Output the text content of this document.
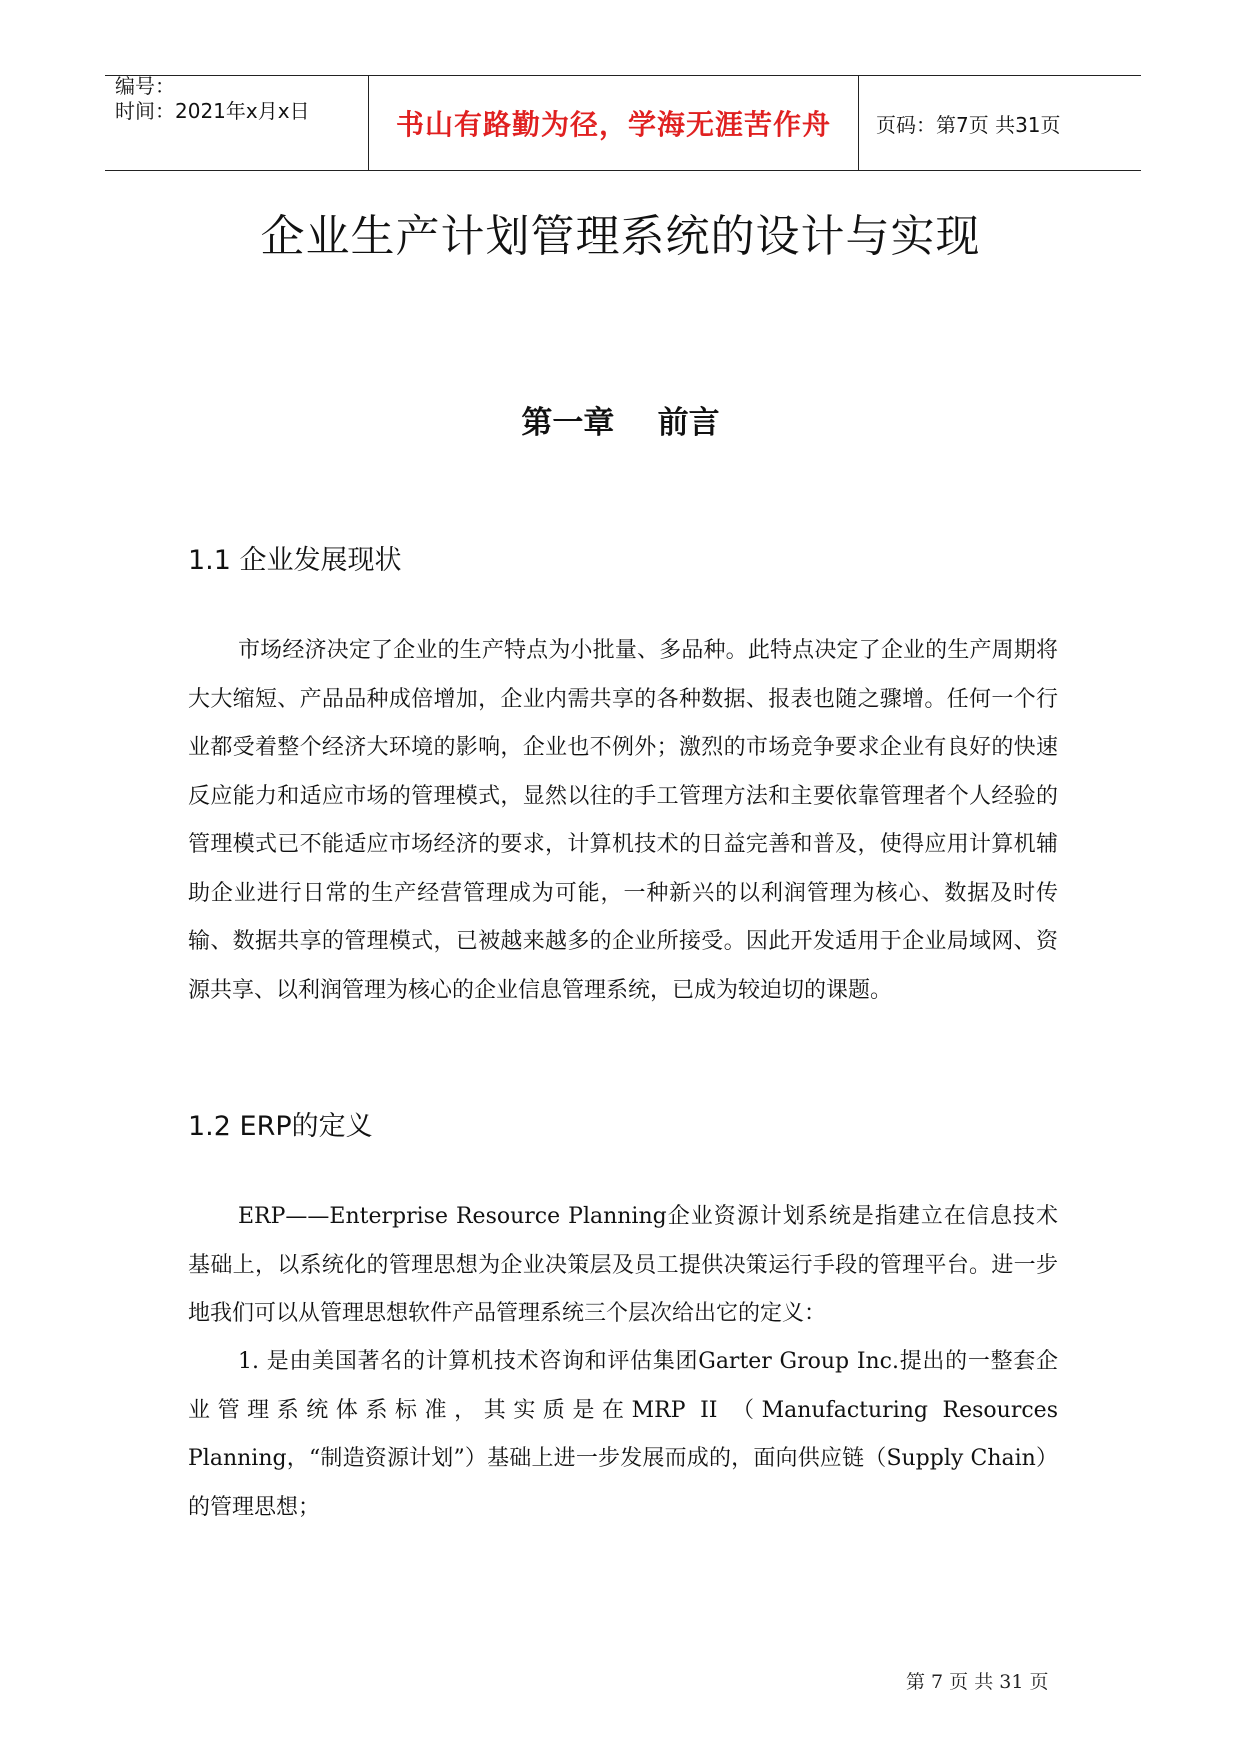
编号：
时间：2021年x月x日	书山有路勤为径，学海无涯苦作舟	页码：第7页 共31页
企业生产计划管理系统的设计与实现
第一章    前言
1.1 企业发展现状

市场经济决定了企业的生产特点为小批量、多品种。此特点决定了企业的生产周期将大大缩短、产品品种成倍增加，企业内需共享的各种数据、报表也随之骤增。任何一个行业都受着整个经济大环境的影响，企业也不例外；激烈的市场竞争要求企业有良好的快速反应能力和适应市场的管理模式，显然以往的手工管理方法和主要依靠管理者个人经验的管理模式已不能适应市场经济的要求，计算机技术的日益完善和普及，使得应用计算机辅助企业进行日常的生产经营管理成为可能，一种新兴的以利润管理为核心、数据及时传输、数据共享的管理模式，已被越来越多的企业所接受。因此开发适用于企业局域网、资源共享、以利润管理为核心的企业信息管理系统，已成为较迫切的课题。

1.2 ERP的定义

ERP——Enterprise Resource Planning企业资源计划系统是指建立在信息技术基础上，以系统化的管理思想为企业决策层及员工提供决策运行手段的管理平台。进一步地我们可以从管理思想软件产品管理系统三个层次给出它的定义：

1. 是由美国著名的计算机技术咨询和评估集团Garter Group Inc.提出的一整套企业管理系统体系标准，其实质是在MRP II （Manufacturing Resources Planning，“制造资源计划”）基础上进一步发展而成的，面向供应链（Supply Chain）的管理思想；

第 7 页 共 31 页
